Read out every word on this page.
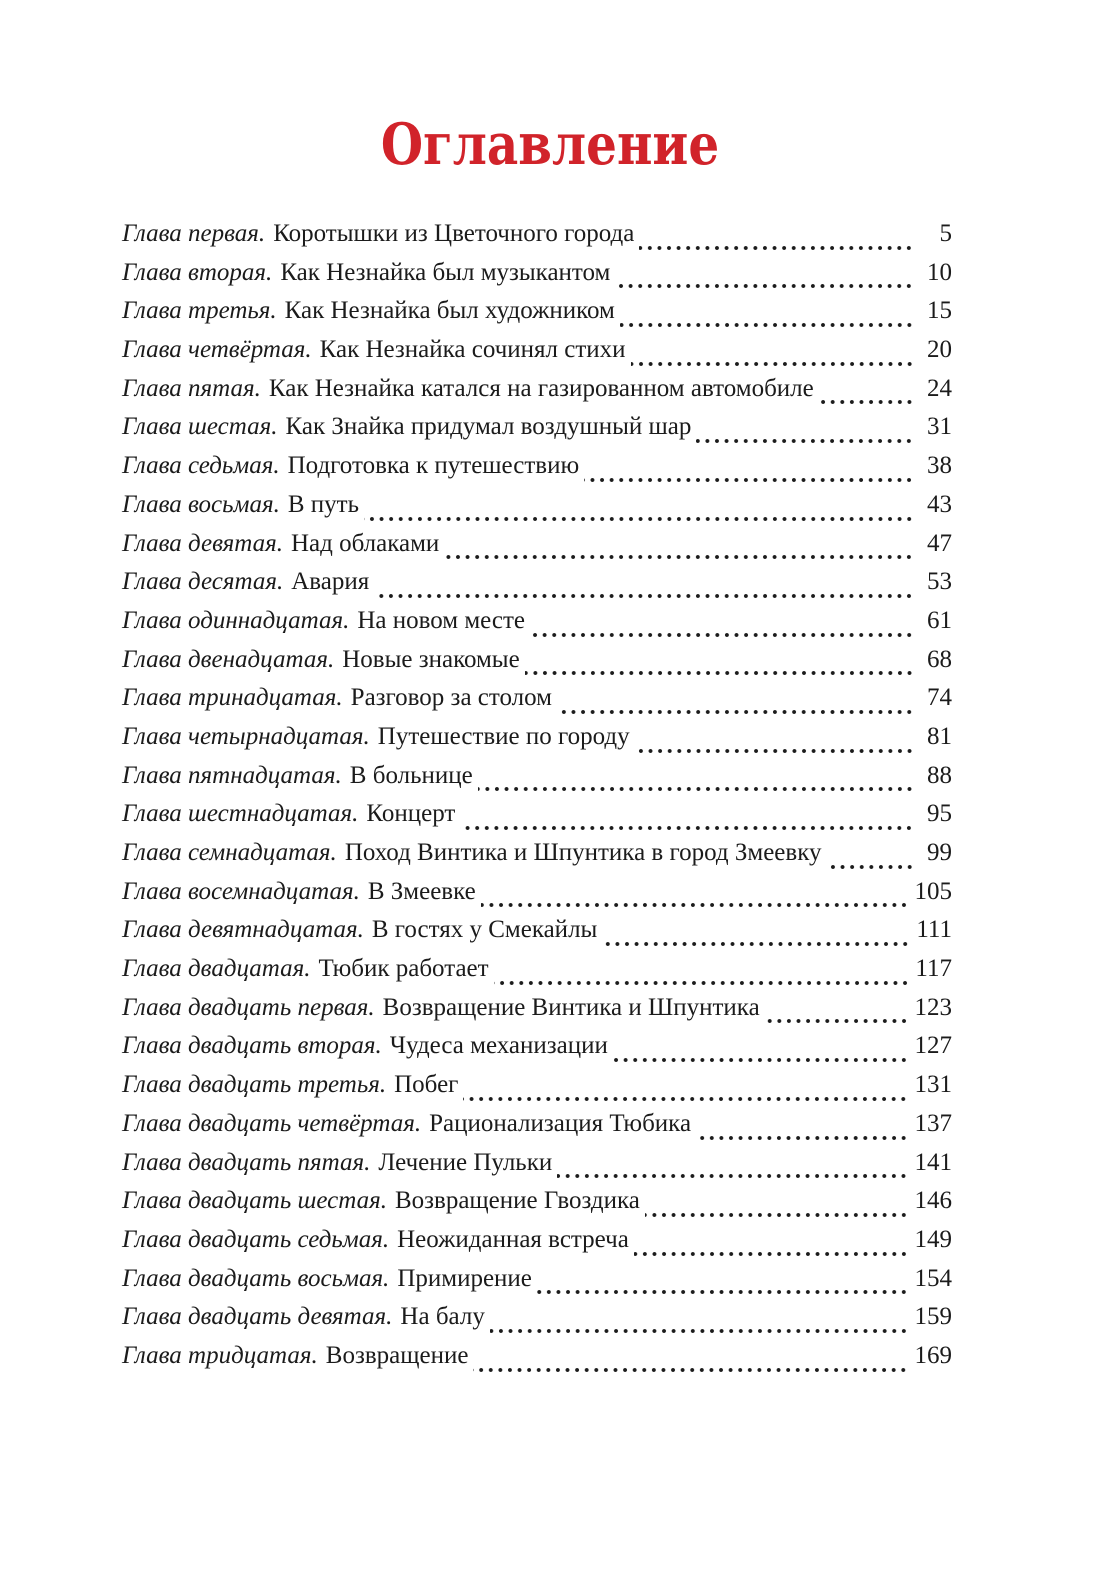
Оглавление
Глава первая. Коротышки из Цветочного города	5
Глава вторая. Как Незнайка был музыкантом	10
Глава третья. Как Незнайка был художником	15
Глава четвёртая. Как Незнайка сочинял стихи	20
Глава пятая. Как Незнайка катался на газированном автомобиле	24
Глава шестая. Как Знайка придумал воздушный шар	31
Глава седьмая. Подготовка к путешествию	38
Глава восьмая. В путь	43
Глава девятая. Над облаками	47
Глава десятая. Авария	53
Глава одиннадцатая. На новом месте	61
Глава двенадцатая. Новые знакомые	68
Глава тринадцатая. Разговор за столом	74
Глава четырнадцатая. Путешествие по городу	81
Глава пятнадцатая. В больнице	88
Глава шестнадцатая. Концерт	95
Глава семнадцатая. Поход Винтика и Шпунтика в город Змеевку	99
Глава восемнадцатая. В Змеевке	105
Глава девятнадцатая. В гостях у Смекайлы	111
Глава двадцатая. Тюбик работает	117
Глава двадцать первая. Возвращение Винтика и Шпунтика	123
Глава двадцать вторая. Чудеса механизации	127
Глава двадцать третья. Побег	131
Глава двадцать четвёртая. Рационализация Тюбика	137
Глава двадцать пятая. Лечение Пульки	141
Глава двадцать шестая. Возвращение Гвоздика	146
Глава двадцать седьмая. Неожиданная встреча	149
Глава двадцать восьмая. Примирение	154
Глава двадцать девятая. На балу	159
Глава тридцатая. Возвращение	169
